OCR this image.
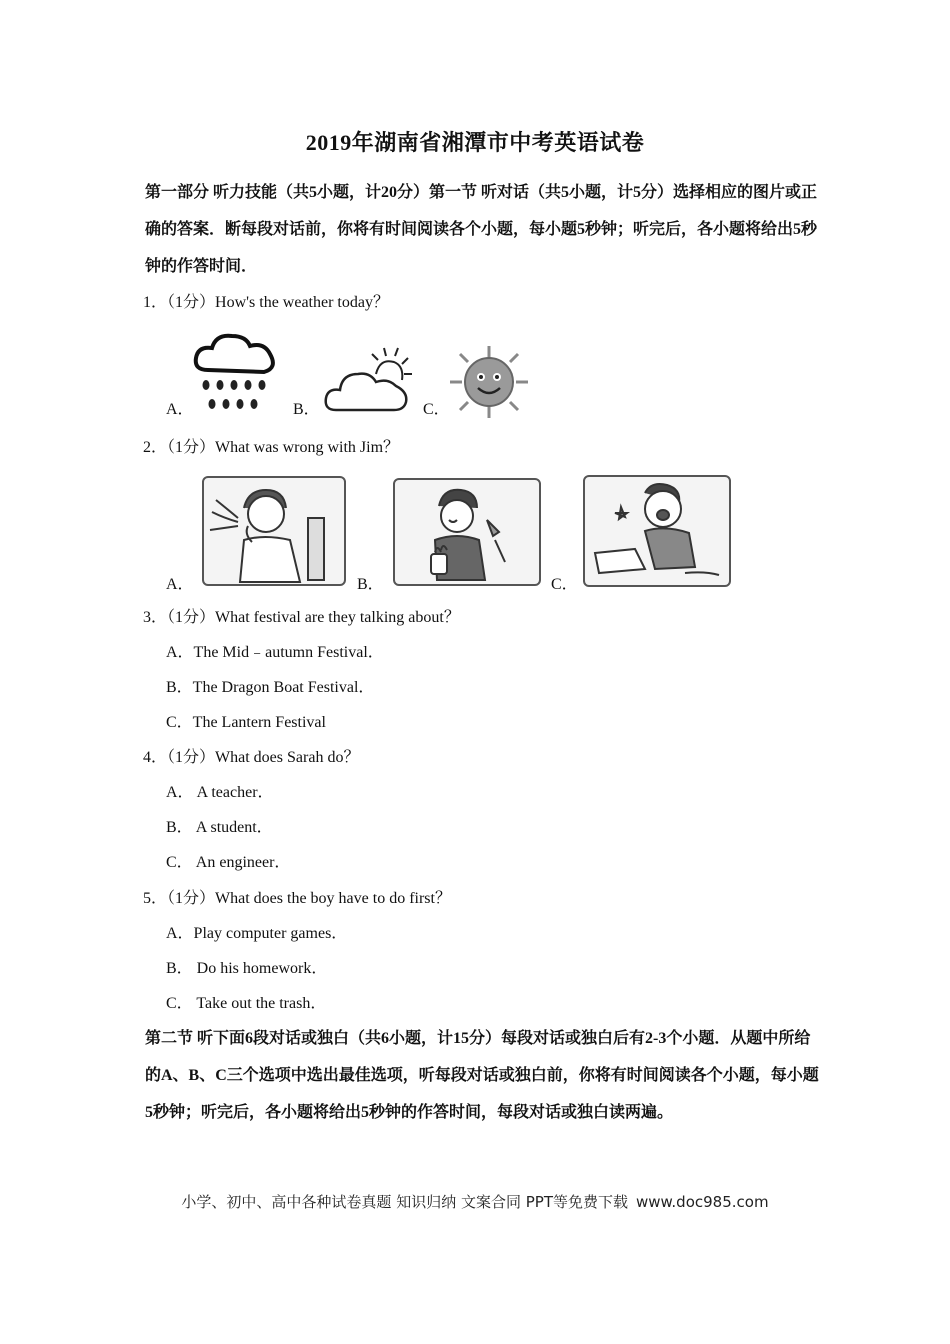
2019年湖南省湘潭市中考英语试卷
第一部分 听力技能（共5小题，计20分）第一节 听对话（共5小题，计5分）选择相应的图片或正确的答案．断每段对话前，你将有时间阅读各个小题，每小题5秒钟；听完后，各小题将给出5秒钟的作答时间．
1．（1分）How's the weather today？
A．	B．	C．
2．（1分）What was wrong with Jim？
A．	B．	C．
3．（1分）What festival are they talking about？
A．The Mid﹣autumn Festival．
B．The Dragon Boat Festival．
C．The Lantern Festival
4．（1分）What does Sarah do？
A． A teacher．
B． A student．
C． An engineer．
5．（1分）What does the boy have to do first？
A．Play computer games．
B． Do his homework．
C． Take out the trash．
第二节 听下面6段对话或独白（共6小题，计15分）每段对话或独白后有2-3个小题．从题中所给的A、B、C三个选项中选出最佳选项，听每段对话或独白前，你将有时间阅读各个小题，每小题5秒钟；听完后，各小题将给出5秒钟的作答时间，每段对话或独白读两遍。
小学、初中、高中各种试卷真题 知识归纳 文案合同 PPT等免费下载 www.doc985.com
